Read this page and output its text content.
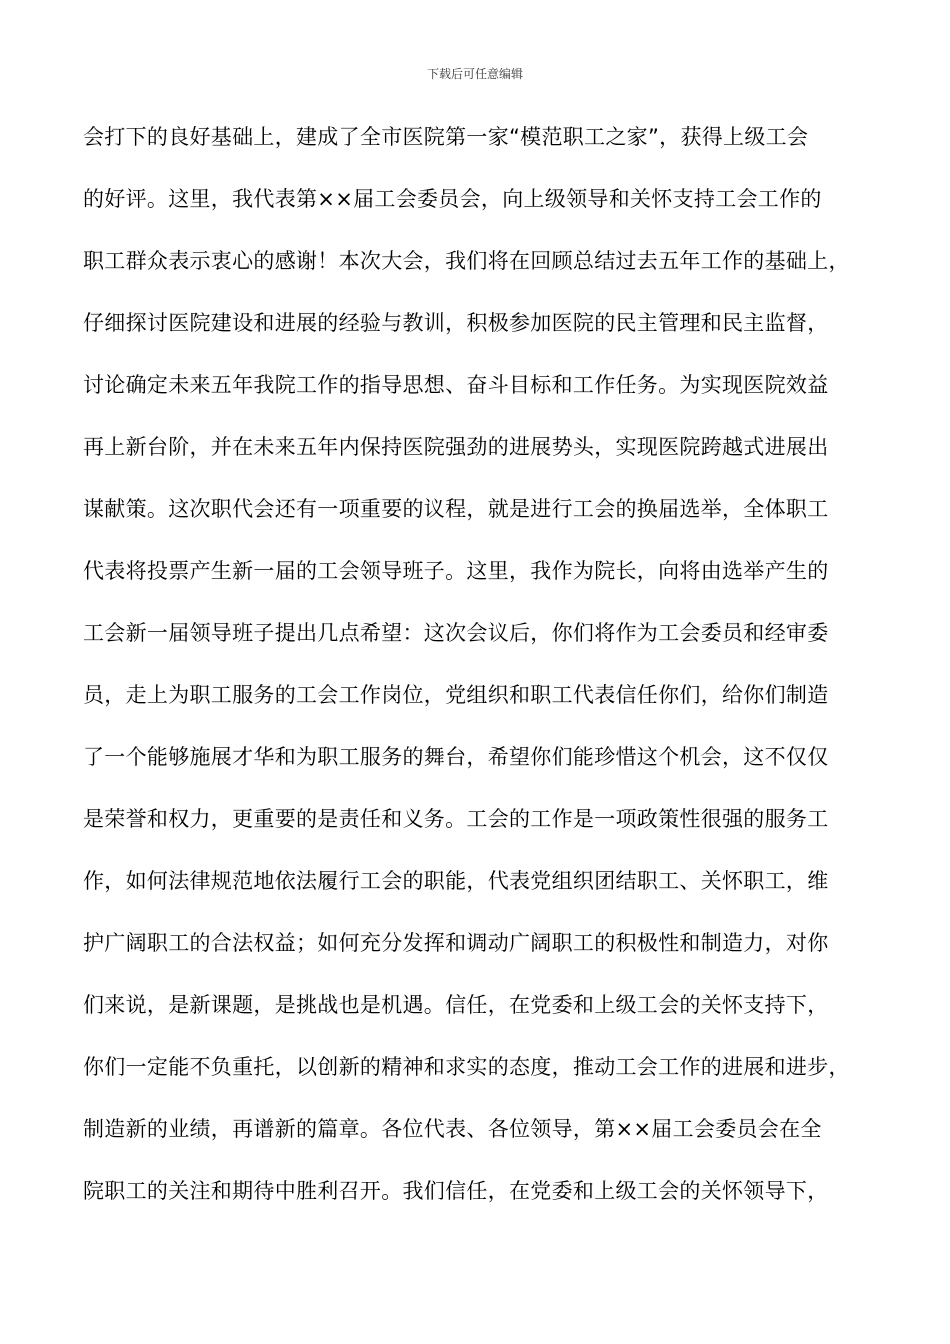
下载后可任意编辑
会打下的良好基础上，建成了全市医院第一家“模范职工之家”，获得上级工会
的好评。这里，我代表第××届工会委员会，向上级领导和关怀支持工会工作的
职工群众表示衷心的感谢！本次大会，我们将在回顾总结过去五年工作的基础上，
仔细探讨医院建设和进展的经验与教训，积极参加医院的民主管理和民主监督，
讨论确定未来五年我院工作的指导思想、奋斗目标和工作任务。为实现医院效益
再上新台阶，并在未来五年内保持医院强劲的进展势头，实现医院跨越式进展出
谋献策。这次职代会还有一项重要的议程，就是进行工会的换届选举，全体职工
代表将投票产生新一届的工会领导班子。这里，我作为院长，向将由选举产生的
工会新一届领导班子提出几点希望：这次会议后，你们将作为工会委员和经审委
员，走上为职工服务的工会工作岗位，党组织和职工代表信任你们，给你们制造
了一个能够施展才华和为职工服务的舞台，希望你们能珍惜这个机会，这不仅仅
是荣誉和权力，更重要的是责任和义务。工会的工作是一项政策性很强的服务工
作，如何法律规范地依法履行工会的职能，代表党组织团结职工、关怀职工，维
护广阔职工的合法权益；如何充分发挥和调动广阔职工的积极性和制造力，对你
们来说，是新课题，是挑战也是机遇。信任，在党委和上级工会的关怀支持下，
你们一定能不负重托，以创新的精神和求实的态度，推动工会工作的进展和进步，
制造新的业绩，再谱新的篇章。各位代表、各位领导，第××届工会委员会在全
院职工的关注和期待中胜利召开。我们信任，在党委和上级工会的关怀领导下，
